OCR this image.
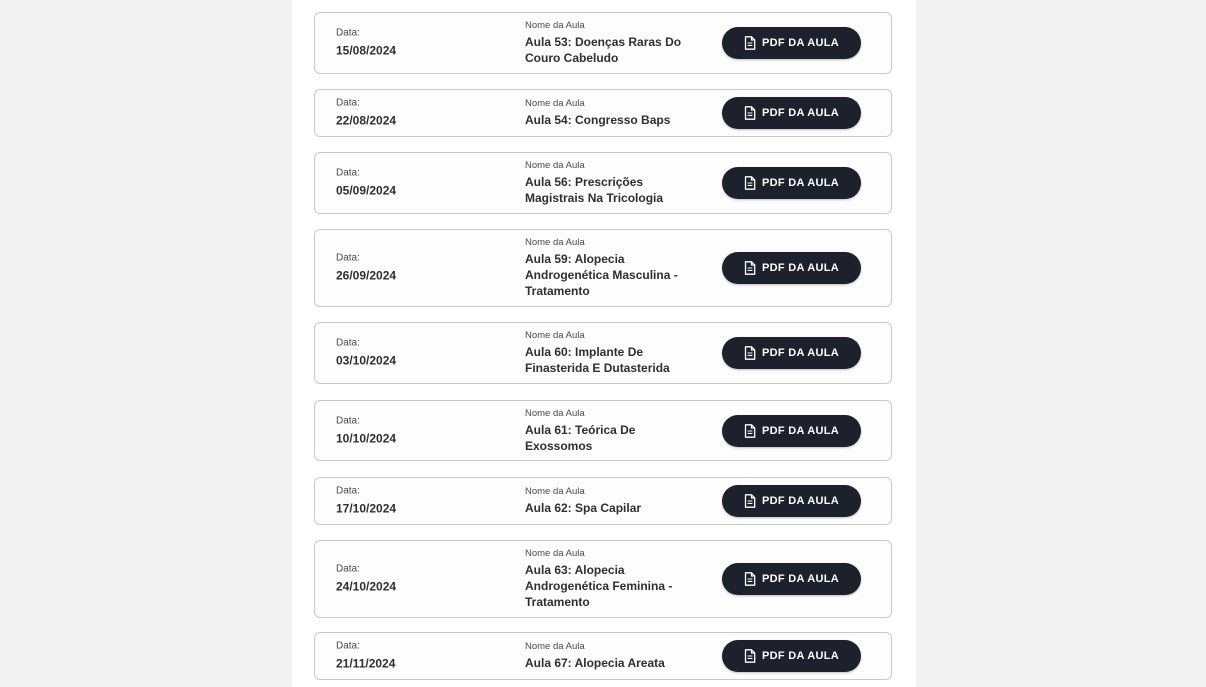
Data:
15/08/2024
Nome da Aula
Aula 53: Doenças Raras Do Couro Cabeludo
PDF DA AULA
Data:
22/08/2024
Nome da Aula
Aula 54: Congresso Baps	PDF DA AULA
Data:
05/09/2024
Nome da Aula
Aula 56: Prescrições Magistrais Na Tricologia
PDF DA AULA
Data:
26/09/2024
Nome da Aula
Aula 59: Alopecia Androgenética Masculina - Tratamento
PDF DA AULA
Data:
03/10/2024
Nome da Aula
Aula 60: Implante De Finasterida E Dutasterida
PDF DA AULA
Data:
10/10/2024
Nome da Aula
Aula 61: Teórica De Exossomos
PDF DA AULA
Data:
17/10/2024
Nome da Aula
Aula 62: Spa Capilar	PDF DA AULA
Data:
24/10/2024
Nome da Aula
Aula 63: Alopecia Androgenética Feminina - Tratamento
PDF DA AULA
Data:
21/11/2024
Nome da Aula
Aula 67: Alopecia Areata	PDF DA AULA
